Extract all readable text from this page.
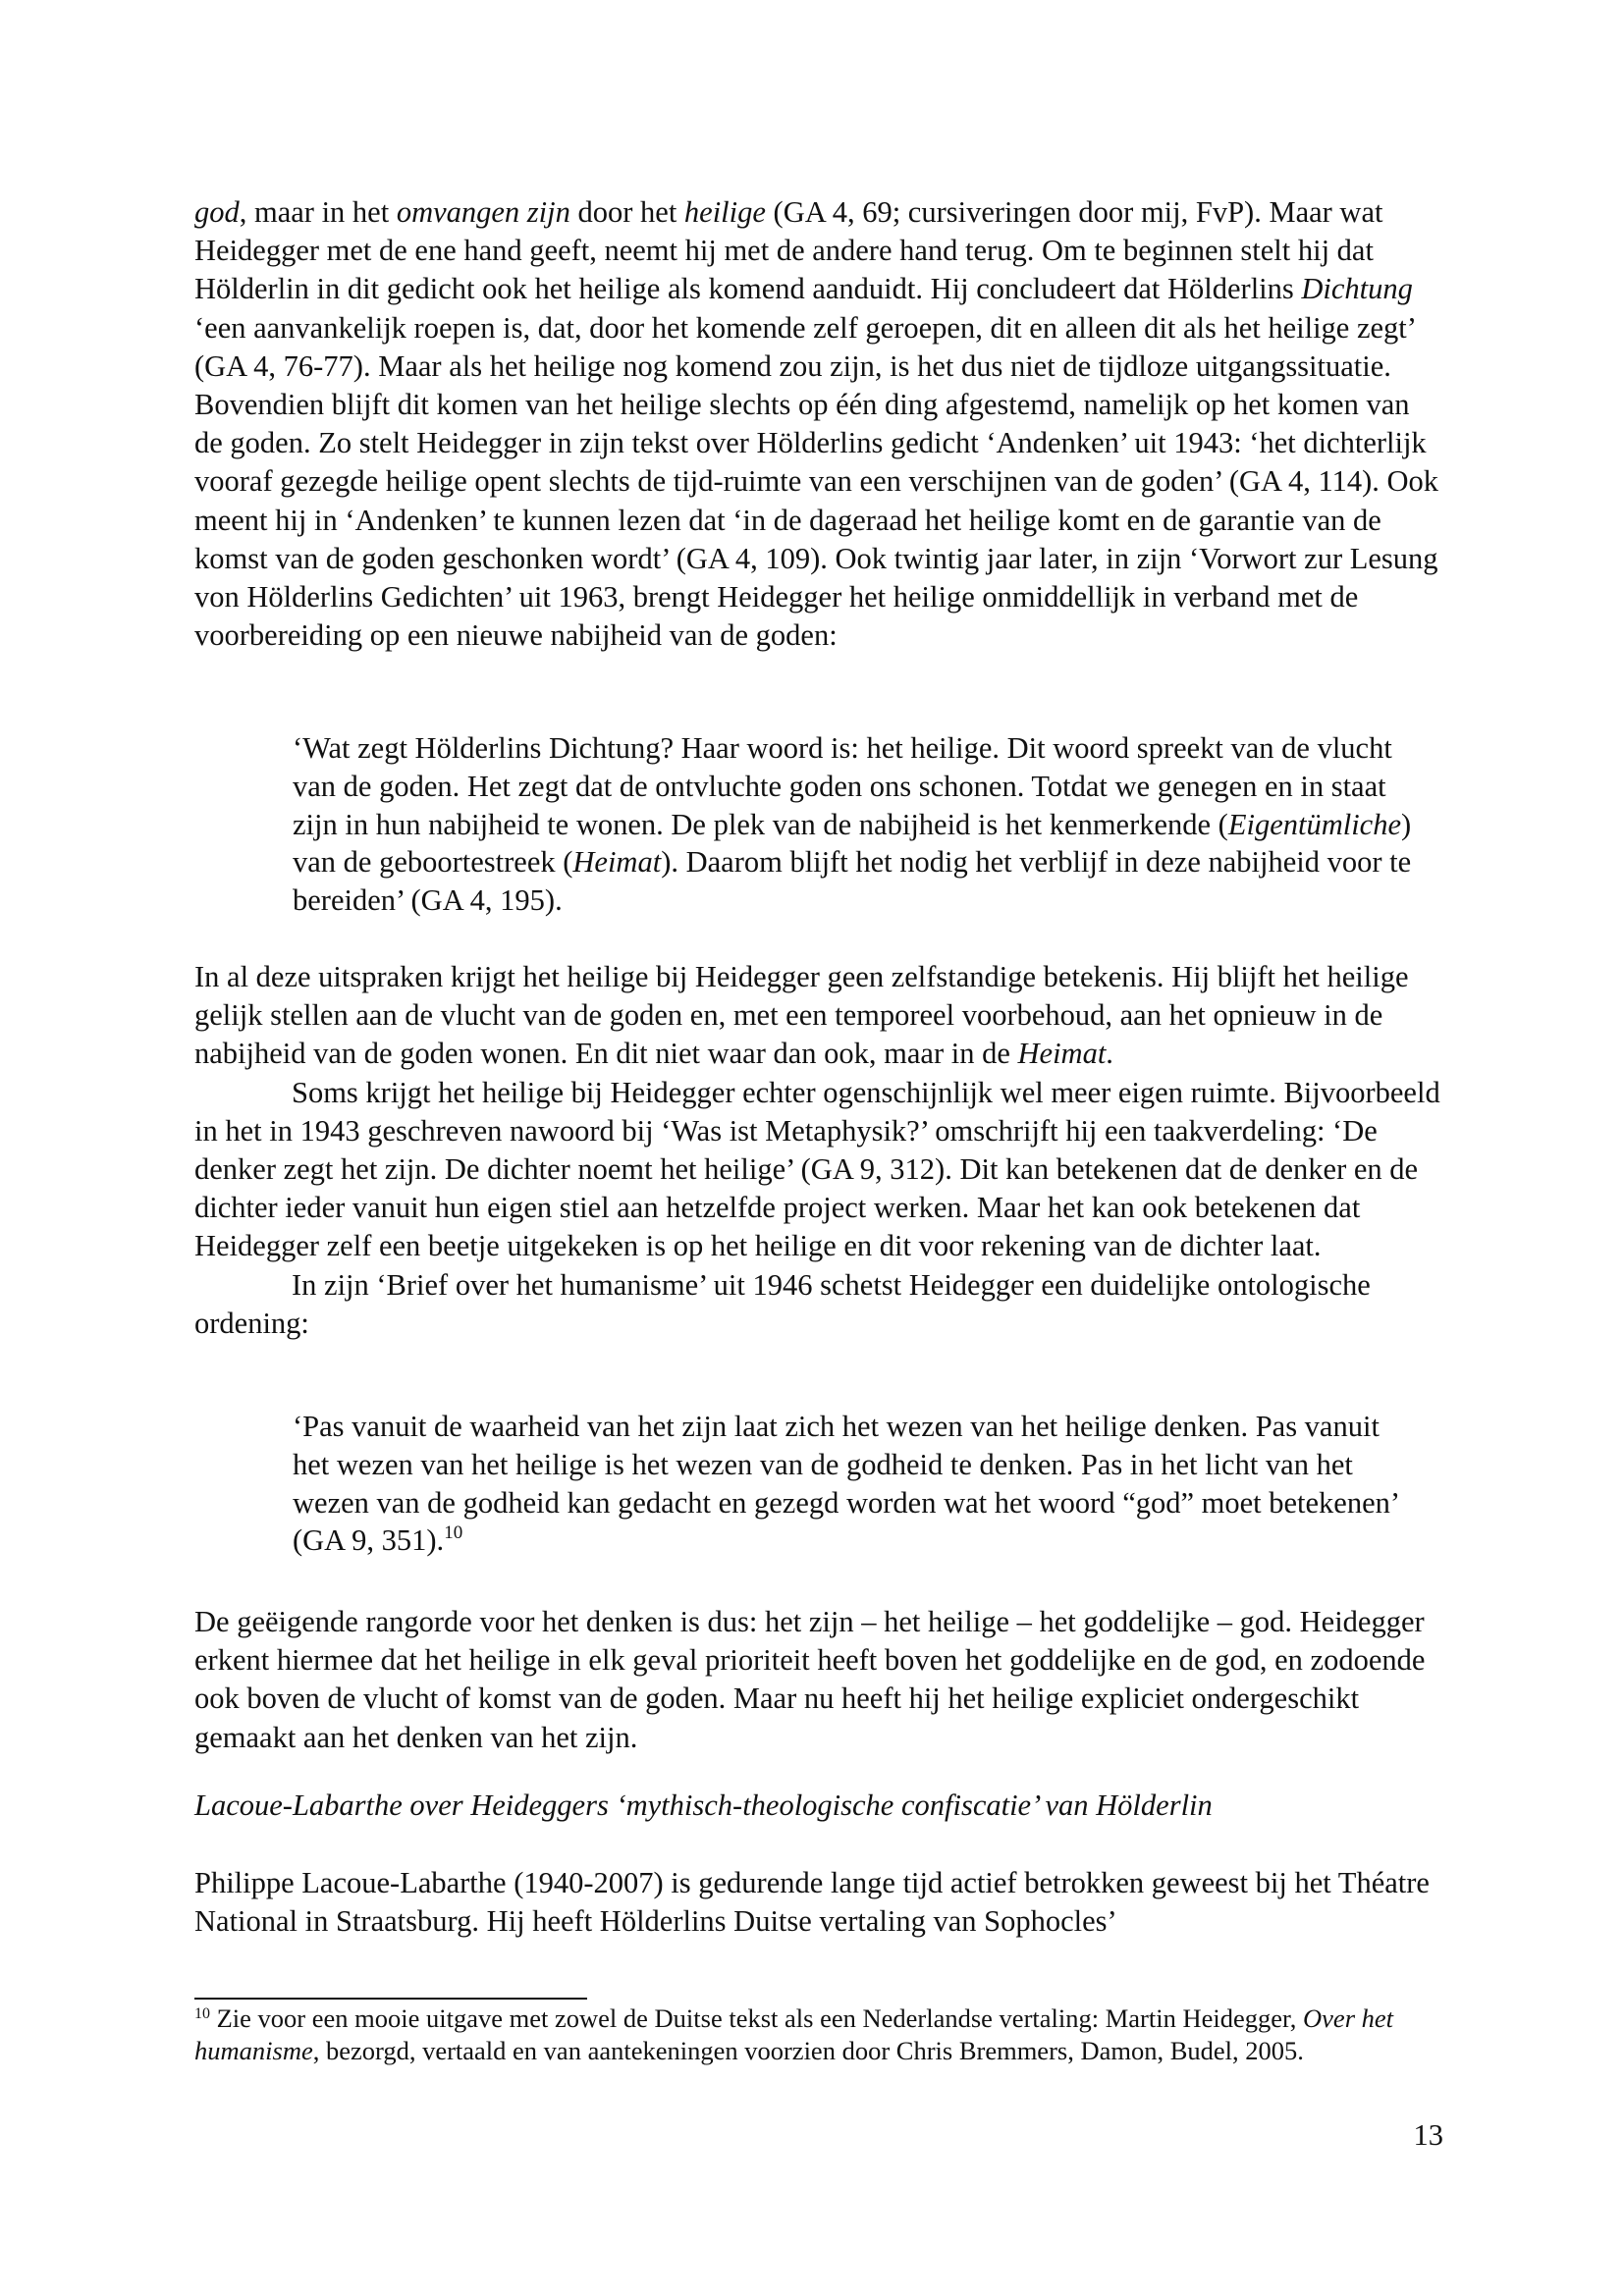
god, maar in het omvangen zijn door het heilige (GA 4, 69; cursiveringen door mij, FvP). Maar wat Heidegger met de ene hand geeft, neemt hij met de andere hand terug. Om te beginnen stelt hij dat Hölderlin in dit gedicht ook het heilige als komend aanduidt. Hij concludeert dat Hölderlins Dichtung ‘een aanvankelijk roepen is, dat, door het komende zelf geroepen, dit en alleen dit als het heilige zegt’ (GA 4, 76-77). Maar als het heilige nog komend zou zijn, is het dus niet de tijdloze uitgangssituatie. Bovendien blijft dit komen van het heilige slechts op één ding afgestemd, namelijk op het komen van de goden. Zo stelt Heidegger in zijn tekst over Hölderlins gedicht ‘Andenken’ uit 1943: ‘het dichterlijk vooraf gezegde heilige opent slechts de tijd-ruimte van een verschijnen van de goden’ (GA 4, 114). Ook meent hij in ‘Andenken’ te kunnen lezen dat ‘in de dageraad het heilige komt en de garantie van de komst van de goden geschonken wordt’ (GA 4, 109). Ook twintig jaar later, in zijn ‘Vorwort zur Lesung von Hölderlins Gedichten’ uit 1963, brengt Heidegger het heilige onmiddellijk in verband met de voorbereiding op een nieuwe nabijheid van de goden:

‘Wat zegt Hölderlins Dichtung? Haar woord is: het heilige. Dit woord spreekt van de vlucht van de goden. Het zegt dat de ontvluchte goden ons schonen. Totdat we genegen en in staat zijn in hun nabijheid te wonen. De plek van de nabijheid is het kenmerkende (Eigentümliche) van de geboortestreek (Heimat). Daarom blijft het nodig het verblijf in deze nabijheid voor te bereiden’ (GA 4, 195).

In al deze uitspraken krijgt het heilige bij Heidegger geen zelfstandige betekenis. Hij blijft het heilige gelijk stellen aan de vlucht van de goden en, met een temporeel voorbehoud, aan het opnieuw in de nabijheid van de goden wonen. En dit niet waar dan ook, maar in de Heimat.

Soms krijgt het heilige bij Heidegger echter ogenschijnlijk wel meer eigen ruimte. Bijvoorbeeld in het in 1943 geschreven nawoord bij ‘Was ist Metaphysik?’ omschrijft hij een taakverdeling: ‘De denker zegt het zijn. De dichter noemt het heilige’ (GA 9, 312). Dit kan betekenen dat de denker en de dichter ieder vanuit hun eigen stiel aan hetzelfde project werken. Maar het kan ook betekenen dat Heidegger zelf een beetje uitgekeken is op het heilige en dit voor rekening van de dichter laat.

In zijn ‘Brief over het humanisme’ uit 1946 schetst Heidegger een duidelijke ontologische ordening:

‘Pas vanuit de waarheid van het zijn laat zich het wezen van het heilige denken. Pas vanuit het wezen van het heilige is het wezen van de godheid te denken. Pas in het licht van het wezen van de godheid kan gedacht en gezegd worden wat het woord “god” moet betekenen’ (GA 9, 351).$^{10}$

De geëigende rangorde voor het denken is dus: het zijn – het heilige – het goddelijke – god. Heidegger erkent hiermee dat het heilige in elk geval prioriteit heeft boven het goddelijke en de god, en zodoende ook boven de vlucht of komst van de goden. Maar nu heeft hij het heilige expliciet ondergeschikt gemaakt aan het denken van het zijn.

Lacoue-Labarthe over Heideggers ‘mythisch-theologische confiscatie’ van Hölderlin

Philippe Lacoue-Labarthe (1940-2007) is gedurende lange tijd actief betrokken geweest bij het Théatre National in Straatsburg. Hij heeft Hölderlins Duitse vertaling van Sophocles’

$^{10}$ Zie voor een mooie uitgave met zowel de Duitse tekst als een Nederlandse vertaling: Martin Heidegger, Over het humanisme, bezorgd, vertaald en van aantekeningen voorzien door Chris Bremmers, Damon, Budel, 2005.
13
